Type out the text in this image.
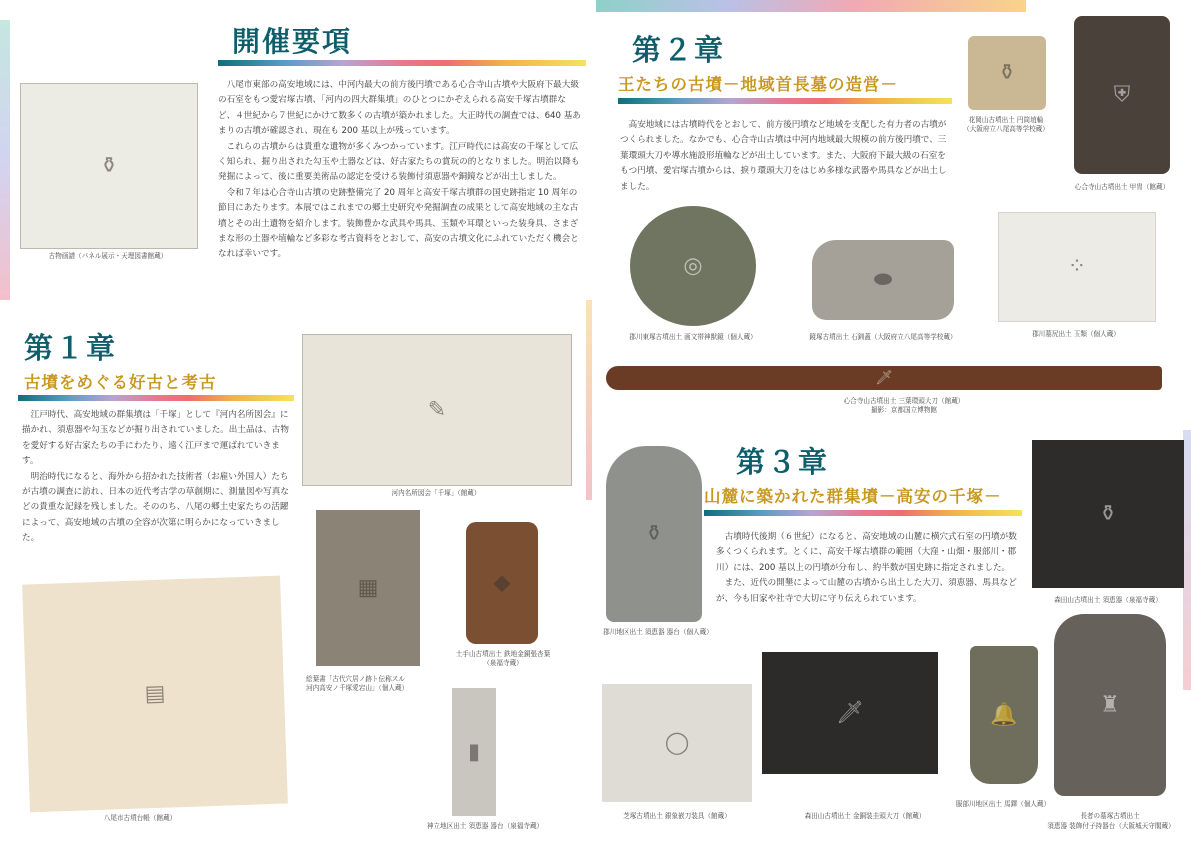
開催要項
⚱
古物画譜（パネル展示・天理図書館蔵）

八尾市東部の高安地域には、中河内最大の前方後円墳である心合寺山古墳や大阪府下最大級の石室をもつ愛宕塚古墳、「河内の四大群集墳」のひとつにかぞえられる高安千塚古墳群など、４世紀から７世紀にかけて数多くの古墳が築かれました。大正時代の調査では、640 基あまりの古墳が確認され、現在も 200 基以上が残っています。

これらの古墳からは貴重な遺物が多くみつかっています。江戸時代には高安の千塚として広く知られ、掘り出された勾玉や土器などは、好古家たちの賞玩の的となりました。明治以降も発掘によって、後に重要美術品の認定を受ける装飾付須恵器や銅鏡などが出土しました。

令和７年は心合寺山古墳の史跡整備完了 20 周年と高安千塚古墳群の国史跡指定 10 周年の節目にあたります。本展ではこれまでの郷土史研究や発掘調査の成果として高安地域の主な古墳とその出土遺物を紹介します。装飾豊かな武具や馬具、玉類や耳環といった装身具、さまざまな形の土器や埴輪など多彩な考古資料をとおして、高安の古墳文化にふれていただく機会となれば幸いです。

第１章
古墳をめぐる好古と考古

江戸時代、高安地域の群集墳は「千塚」として『河内名所図会』に描かれ、須恵器や勾玉などが掘り出されていました。出土品は、古物を愛好する好古家たちの手にわたり、遠く江戸まで運ばれていきます。

明治時代になると、海外から招かれた技術者（お雇い外国人）たちが古墳の調査に訪れ、日本の近代考古学の草創期に、測量図や写真などの貴重な記録を残しました。そののち、八尾の郷土史家たちの活躍によって、高安地域の古墳の全容が次第に明らかになっていきました。

✎
河内名所図会「千塚」（館蔵）
▤
八尾市古墳台帳（館蔵）
▦
絵葉書「古代穴居ノ跡ト伝称スル
河内高安ノ千塚愛宕山」（個人蔵）
◆
土手山古墳出土 鉄地金銅張杏葉
（泉福寺蔵）
▮
神立地区出土 須恵器 器台（泉福寺蔵）
第２章
王たちの古墳－地域首長墓の造営－

高安地域には古墳時代をとおして、前方後円墳など地域を支配した有力者の古墳がつくられました。なかでも、心合寺山古墳は中河内地域最大規模の前方後円墳で、三葉環頭大刀や導水施設形埴輪などが出土しています。また、大阪府下最大級の石室をもつ円墳、愛宕塚古墳からは、捩り環頭大刀をはじめ多様な武器や馬具などが出土しました。

⚱
花岡山古墳出土 円筒埴輪
（大阪府立八尾高等学校蔵）
⛨
心合寺山古墳出土 甲冑（館蔵）
◎
郡川東塚古墳出土 画文帯神獣鏡（個人蔵）
⬬
鏡塚古墳出土 石釧蓋（大阪府立八尾高等学校蔵）
⁘
郡川墓尻出土 玉類（個人蔵）
🗡
心合寺山古墳出土 三葉環頭大刀（館蔵）
撮影：京都国立博物館
第３章
山麓に築かれた群集墳－高安の千塚－

古墳時代後期（６世紀）になると、高安地域の山麓に横穴式石室の円墳が数多くつくられます。とくに、高安千塚古墳群の範囲（大窪・山畑・服部川・郡川）には、200 基以上の円墳が分布し、約半数が国史跡に指定されました。

また、近代の開墾によって山麓の古墳から出土した大刀、須恵器、馬具などが、今も旧家や社寺で大切に守り伝えられています。

⚱
郡川地区出土 須恵器 器台（個人蔵）
⚱
森田山古墳出土 須恵器（泉福寺蔵）
◯
芝塚古墳出土 銀象嵌刀装具（館蔵）
🗡
森田山古墳出土 金銅装圭頭大刀（館蔵）
🔔
服部川地区出土 馬鐸（個人蔵）
♜
長者の墓塚古墳出土
須恵器 装飾付子持器台（大阪城天守閣蔵）
